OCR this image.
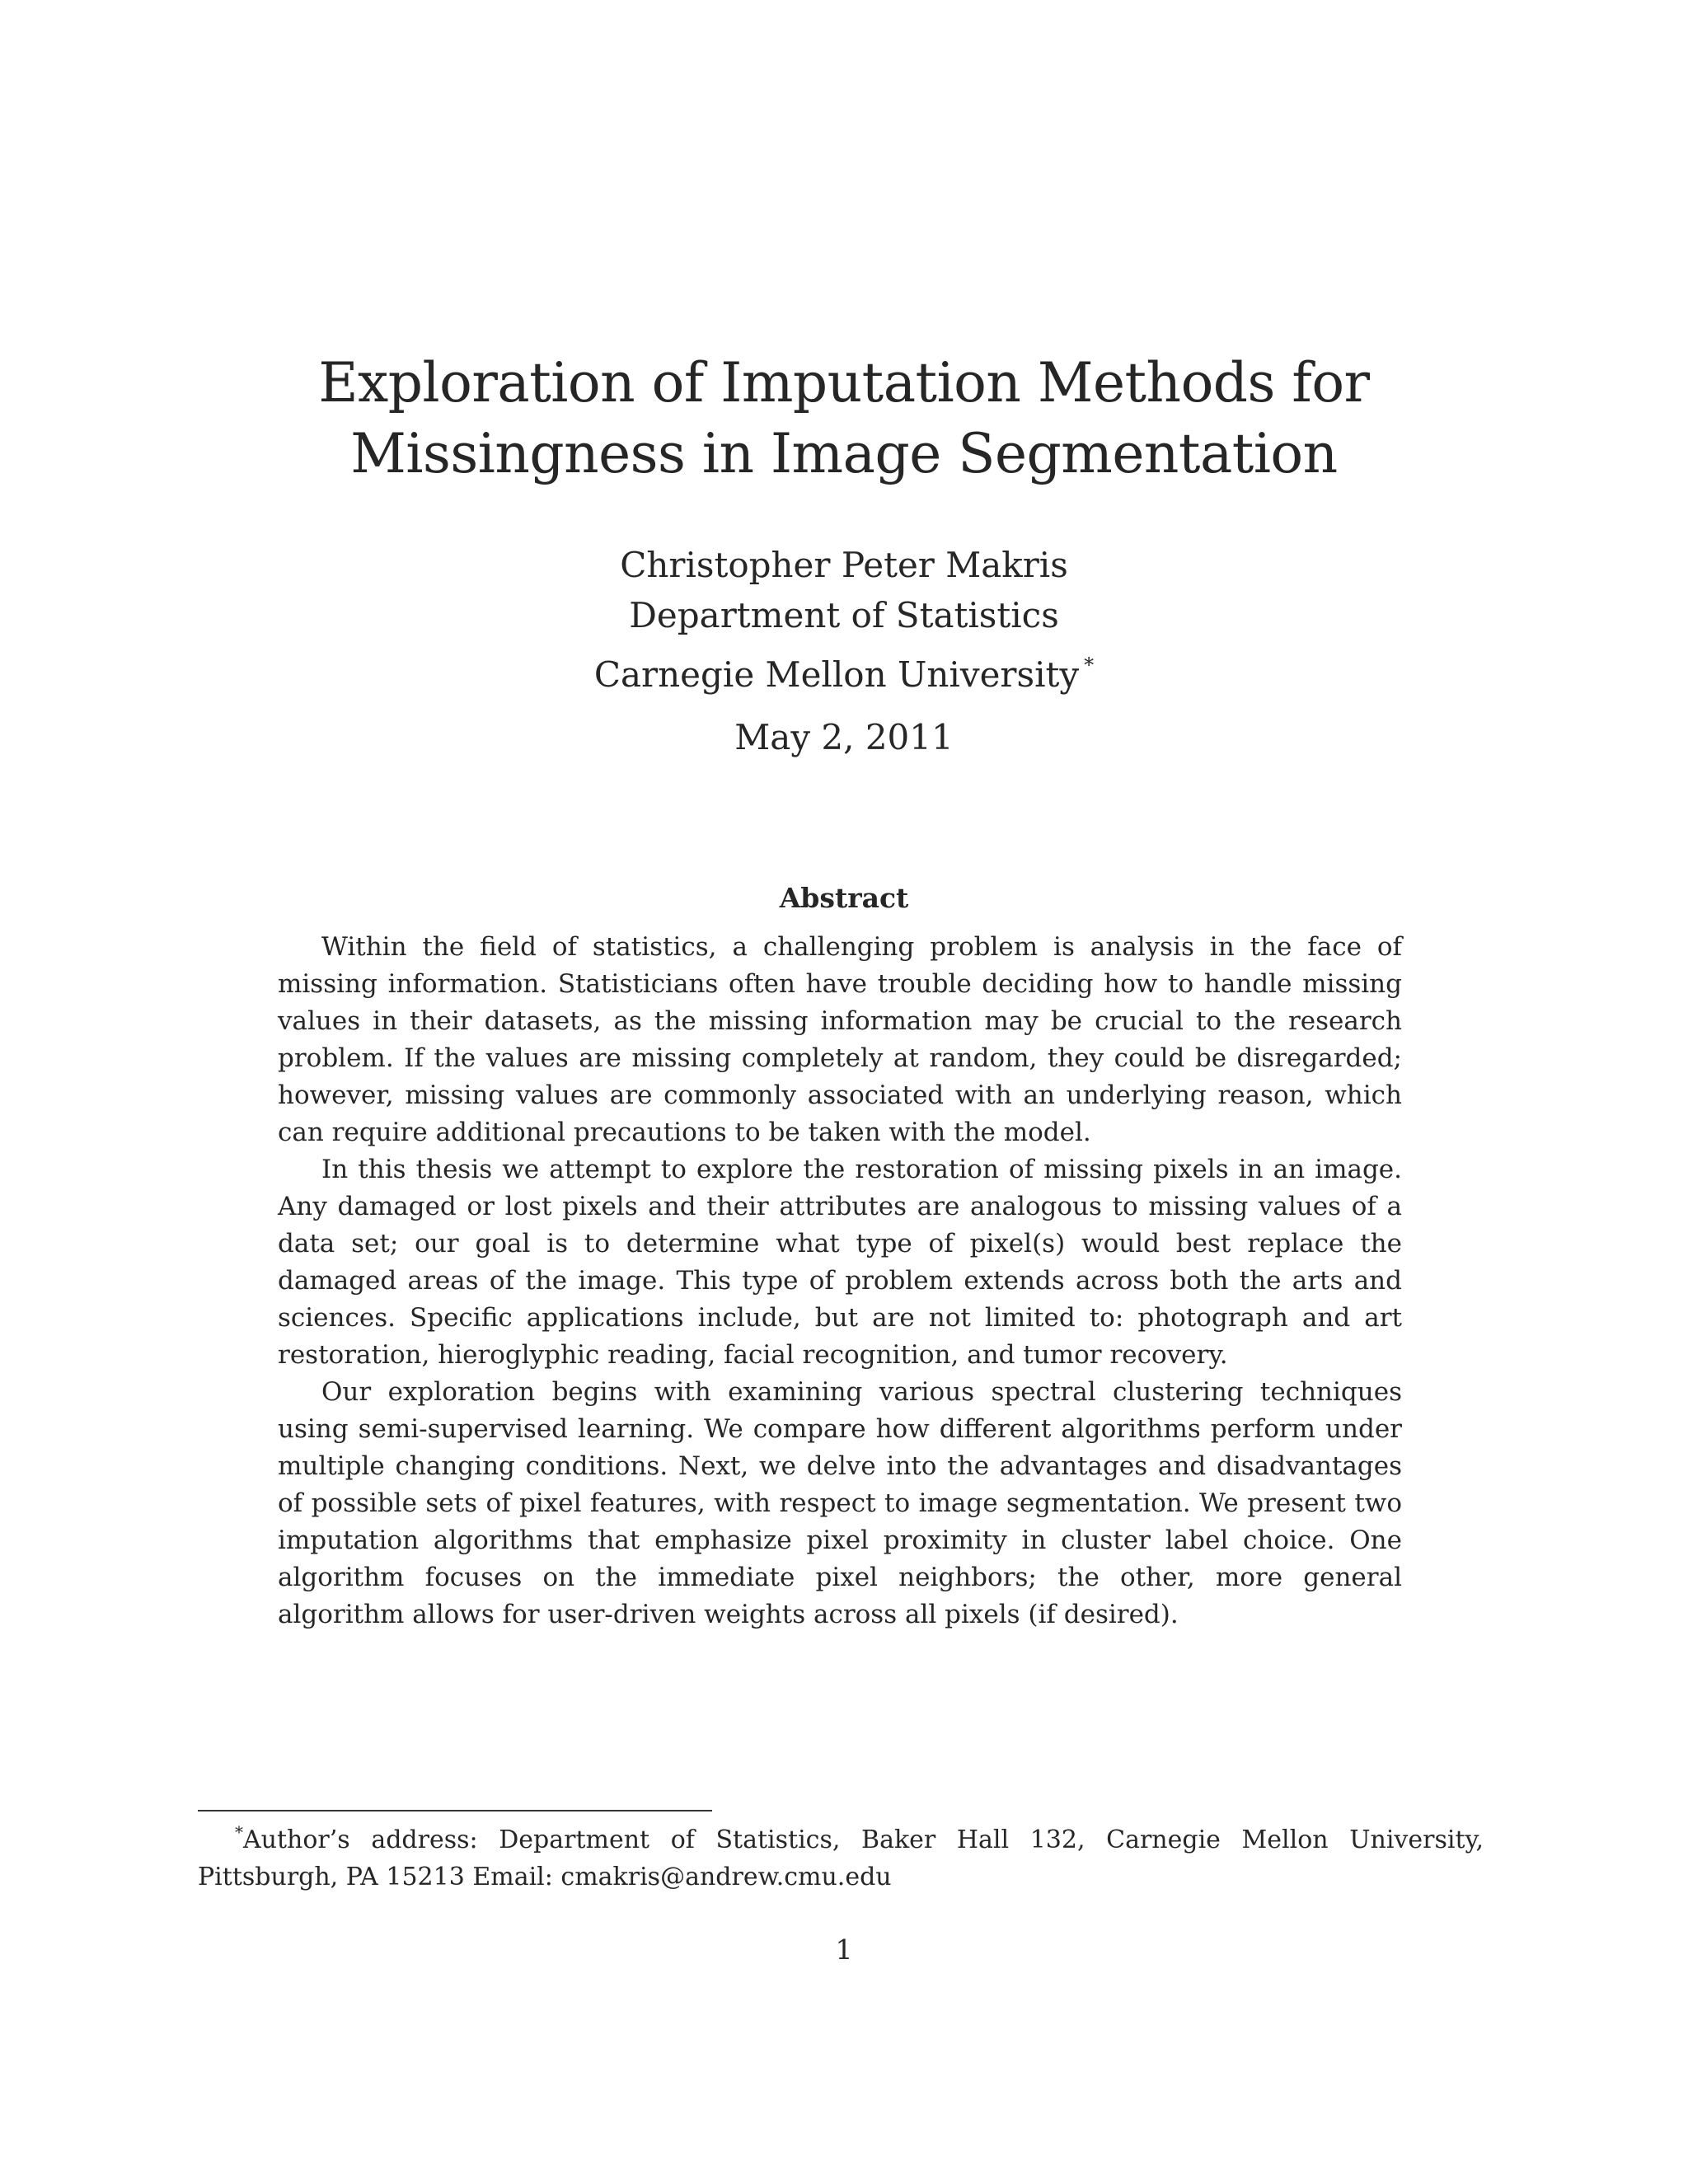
Exploration of Imputation Methods for Missingness in Image Segmentation
Christopher Peter Makris
Department of Statistics
Carnegie Mellon University *
May 2, 2011
Abstract

Within the field of statistics, a challenging problem is analysis in the face of missing information. Statisticians often have trouble deciding how to handle missing values in their datasets, as the missing information may be crucial to the research problem. If the values are missing completely at random, they could be disregarded; however, missing values are commonly associated with an underlying reason, which can require additional precautions to be taken with the model.

In this thesis we attempt to explore the restoration of missing pixels in an image. Any damaged or lost pixels and their attributes are analogous to missing values of a data set; our goal is to determine what type of pixel(s) would best replace the damaged areas of the image. This type of problem extends across both the arts and sciences. Specific applications include, but are not limited to: photograph and art restoration, hieroglyphic reading, facial recognition, and tumor recovery.

Our exploration begins with examining various spectral clustering techniques using semi-supervised learning. We compare how different algorithms perform under multiple changing conditions. Next, we delve into the advantages and disadvantages of possible sets of pixel features, with respect to image segmentation. We present two imputation algorithms that emphasize pixel proximity in cluster label choice. One algorithm focuses on the immediate pixel neighbors; the other, more general algorithm allows for user-driven weights across all pixels (if desired).

*Author’s address: Department of Statistics, Baker Hall 132, Carnegie Mellon University, Pittsburgh, PA 15213 Email: cmakris@andrew.cmu.edu
1
